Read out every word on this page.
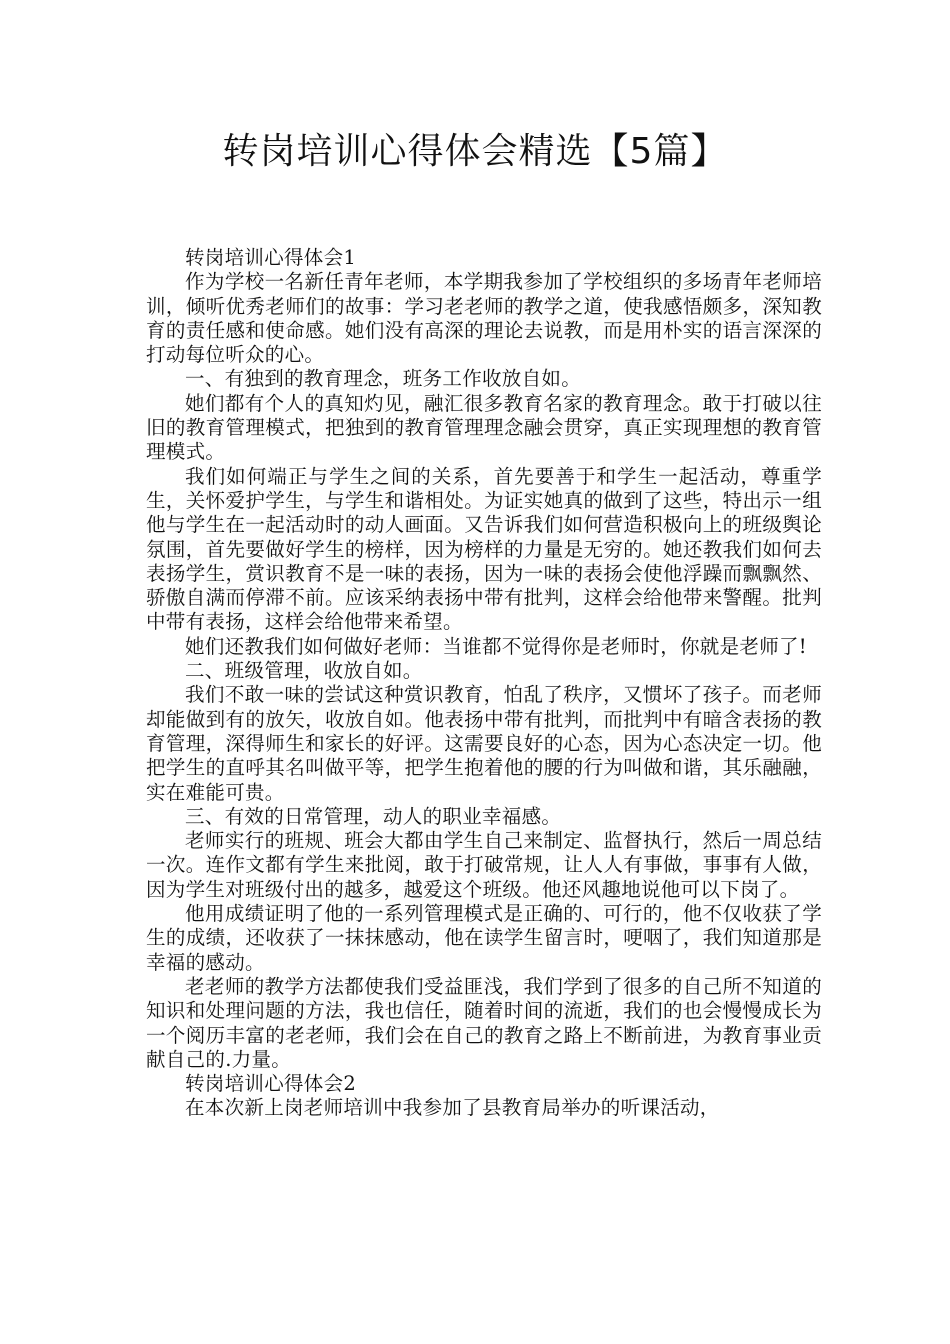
转岗培训心得体会精选【5篇】

转岗培训心得体会1

作为学校一名新任青年老师，本学期我参加了学校组织的多场青年老师培训，倾听优秀老师们的故事：学习老老师的教学之道，使我感悟颇多，深知教育的责任感和使命感。她们没有高深的理论去说教，而是用朴实的语言深深的打动每位听众的心。

一、有独到的教育理念，班务工作收放自如。

她们都有个人的真知灼见，融汇很多教育名家的教育理念。敢于打破以往旧的教育管理模式，把独到的教育管理理念融会贯穿，真正实现理想的教育管理模式。

我们如何端正与学生之间的关系，首先要善于和学生一起活动，尊重学生，关怀爱护学生，与学生和谐相处。为证实她真的做到了这些，特出示一组他与学生在一起活动时的动人画面。又告诉我们如何营造积极向上的班级舆论氛围，首先要做好学生的榜样，因为榜样的力量是无穷的。她还教我们如何去表扬学生，赏识教育不是一味的表扬，因为一味的表扬会使他浮躁而飘飘然、骄傲自满而停滞不前。应该采纳表扬中带有批判，这样会给他带来警醒。批判中带有表扬，这样会给他带来希望。

她们还教我们如何做好老师：当谁都不觉得你是老师时，你就是老师了!

二、班级管理，收放自如。

我们不敢一味的尝试这种赏识教育，怕乱了秩序，又惯坏了孩子。而老师却能做到有的放矢，收放自如。他表扬中带有批判，而批判中有暗含表扬的教育管理，深得师生和家长的好评。这需要良好的心态，因为心态决定一切。他把学生的直呼其名叫做平等，把学生抱着他的腰的行为叫做和谐，其乐融融，实在难能可贵。

三、有效的日常管理，动人的职业幸福感。

老师实行的班规、班会大都由学生自己来制定、监督执行，然后一周总结一次。连作文都有学生来批阅，敢于打破常规，让人人有事做，事事有人做，因为学生对班级付出的越多，越爱这个班级。他还风趣地说他可以下岗了。

他用成绩证明了他的一系列管理模式是正确的、可行的，他不仅收获了学生的成绩，还收获了一抹抹感动，他在读学生留言时，哽咽了，我们知道那是幸福的感动。

老老师的教学方法都使我们受益匪浅，我们学到了很多的自己所不知道的知识和处理问题的方法，我也信任，随着时间的流逝，我们的也会慢慢成长为一个阅历丰富的老老师，我们会在自己的教育之路上不断前进，为教育事业贡献自己的.力量。

转岗培训心得体会2

在本次新上岗老师培训中我参加了县教育局举办的听课活动，
